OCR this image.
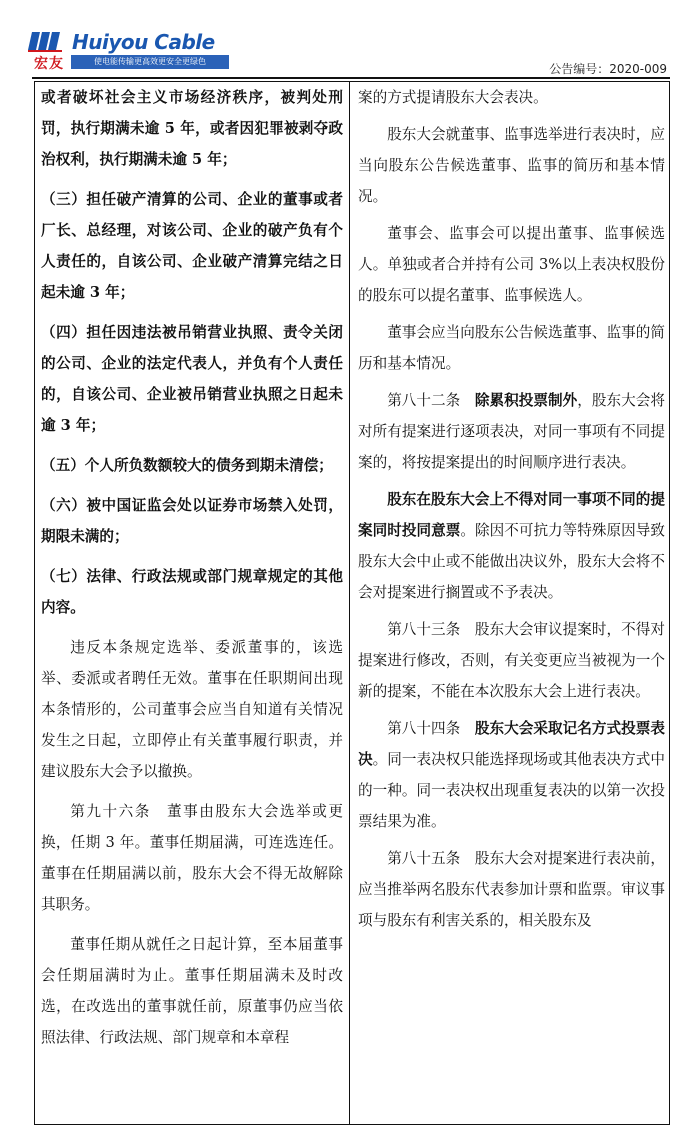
宏友
Huiyou Cable
使电能传输更高效更安全更绿色
公告编号：2020-009

或者破坏社会主义市场经济秩序，被判处刑罚，执行期满未逾 5 年，或者因犯罪被剥夺政治权利，执行期满未逾 5 年；

（三）担任破产清算的公司、企业的董事或者厂长、总经理，对该公司、企业的破产负有个人责任的，自该公司、企业破产清算完结之日起未逾 3 年；

（四）担任因违法被吊销营业执照、责令关闭的公司、企业的法定代表人，并负有个人责任的，自该公司、企业被吊销营业执照之日起未逾 3 年；

（五）个人所负数额较大的债务到期未清偿；

（六）被中国证监会处以证券市场禁入处罚，期限未满的；

（七）法律、行政法规或部门规章规定的其他内容。

违反本条规定选举、委派董事的，该选举、委派或者聘任无效。董事在任职期间出现本条情形的，公司董事会应当自知道有关情况发生之日起，立即停止有关董事履行职责，并建议股东大会予以撤换。

第九十六条　董事由股东大会选举或更换，任期 3 年。董事任期届满，可连选连任。董事在任期届满以前，股东大会不得无故解除其职务。

董事任期从就任之日起计算，至本届董事会任期届满时为止。董事任期届满未及时改选，在改选出的董事就任前，原董事仍应当依照法律、行政法规、部门规章和本章程

案的方式提请股东大会表决。

股东大会就董事、监事选举进行表决时，应当向股东公告候选董事、监事的简历和基本情况。

董事会、监事会可以提出董事、监事候选人。单独或者合并持有公司 3%以上表决权股份的股东可以提名董事、监事候选人。

董事会应当向股东公告候选董事、监事的简历和基本情况。

第八十二条　除累积投票制外，股东大会将对所有提案进行逐项表决，对同一事项有不同提案的，将按提案提出的时间顺序进行表决。

股东在股东大会上不得对同一事项不同的提案同时投同意票。除因不可抗力等特殊原因导致股东大会中止或不能做出决议外，股东大会将不会对提案进行搁置或不予表决。

第八十三条　股东大会审议提案时，不得对提案进行修改，否则，有关变更应当被视为一个新的提案，不能在本次股东大会上进行表决。

第八十四条　股东大会采取记名方式投票表决。同一表决权只能选择现场或其他表决方式中的一种。同一表决权出现重复表决的以第一次投票结果为准。

第八十五条　股东大会对提案进行表决前，应当推举两名股东代表参加计票和监票。审议事项与股东有利害关系的，相关股东及
